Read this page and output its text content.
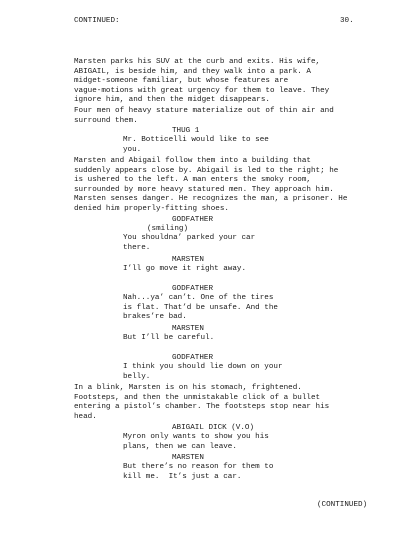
CONTINUED:	30.
Marsten parks his SUV at the curb and exits. His wife,
ABIGAIL, is beside him, and they walk into a park. A
midget-someone familiar, but whose features are
vague-motions with great urgency for them to leave. They
ignore him, and then the midget disappears.
Four men of heavy stature materialize out of thin air and
surround them.
THUG 1
Mr. Botticelli would like to see
you.
Marsten and Abigail follow them into a building that
suddenly appears close by. Abigail is led to the right; he
is ushered to the left. A man enters the smoky room,
surrounded by more heavy statured men. They approach him.
Marsten senses danger. He recognizes the man, a prisoner. He
denied him properly-fitting shoes.
GODFATHER
(smiling)
You shouldna’ parked your car
there.
MARSTEN
I’ll go move it right away.
GODFATHER
Nah...ya’ can’t. One of the tires
is flat. That’d be unsafe. And the
brakes’re bad.
MARSTEN
But I’ll be careful.
GODFATHER
I think you should lie down on your
belly.
In a blink, Marsten is on his stomach, frightened.
Footsteps, and then the unmistakable click of a bullet
entering a pistol’s chamber. The footsteps stop near his
head.
ABIGAIL DICK (V.O)
Myron only wants to show you his
plans, then we can leave.
MARSTEN
But there’s no reason for them to
kill me.  It’s just a car.
(CONTINUED)
